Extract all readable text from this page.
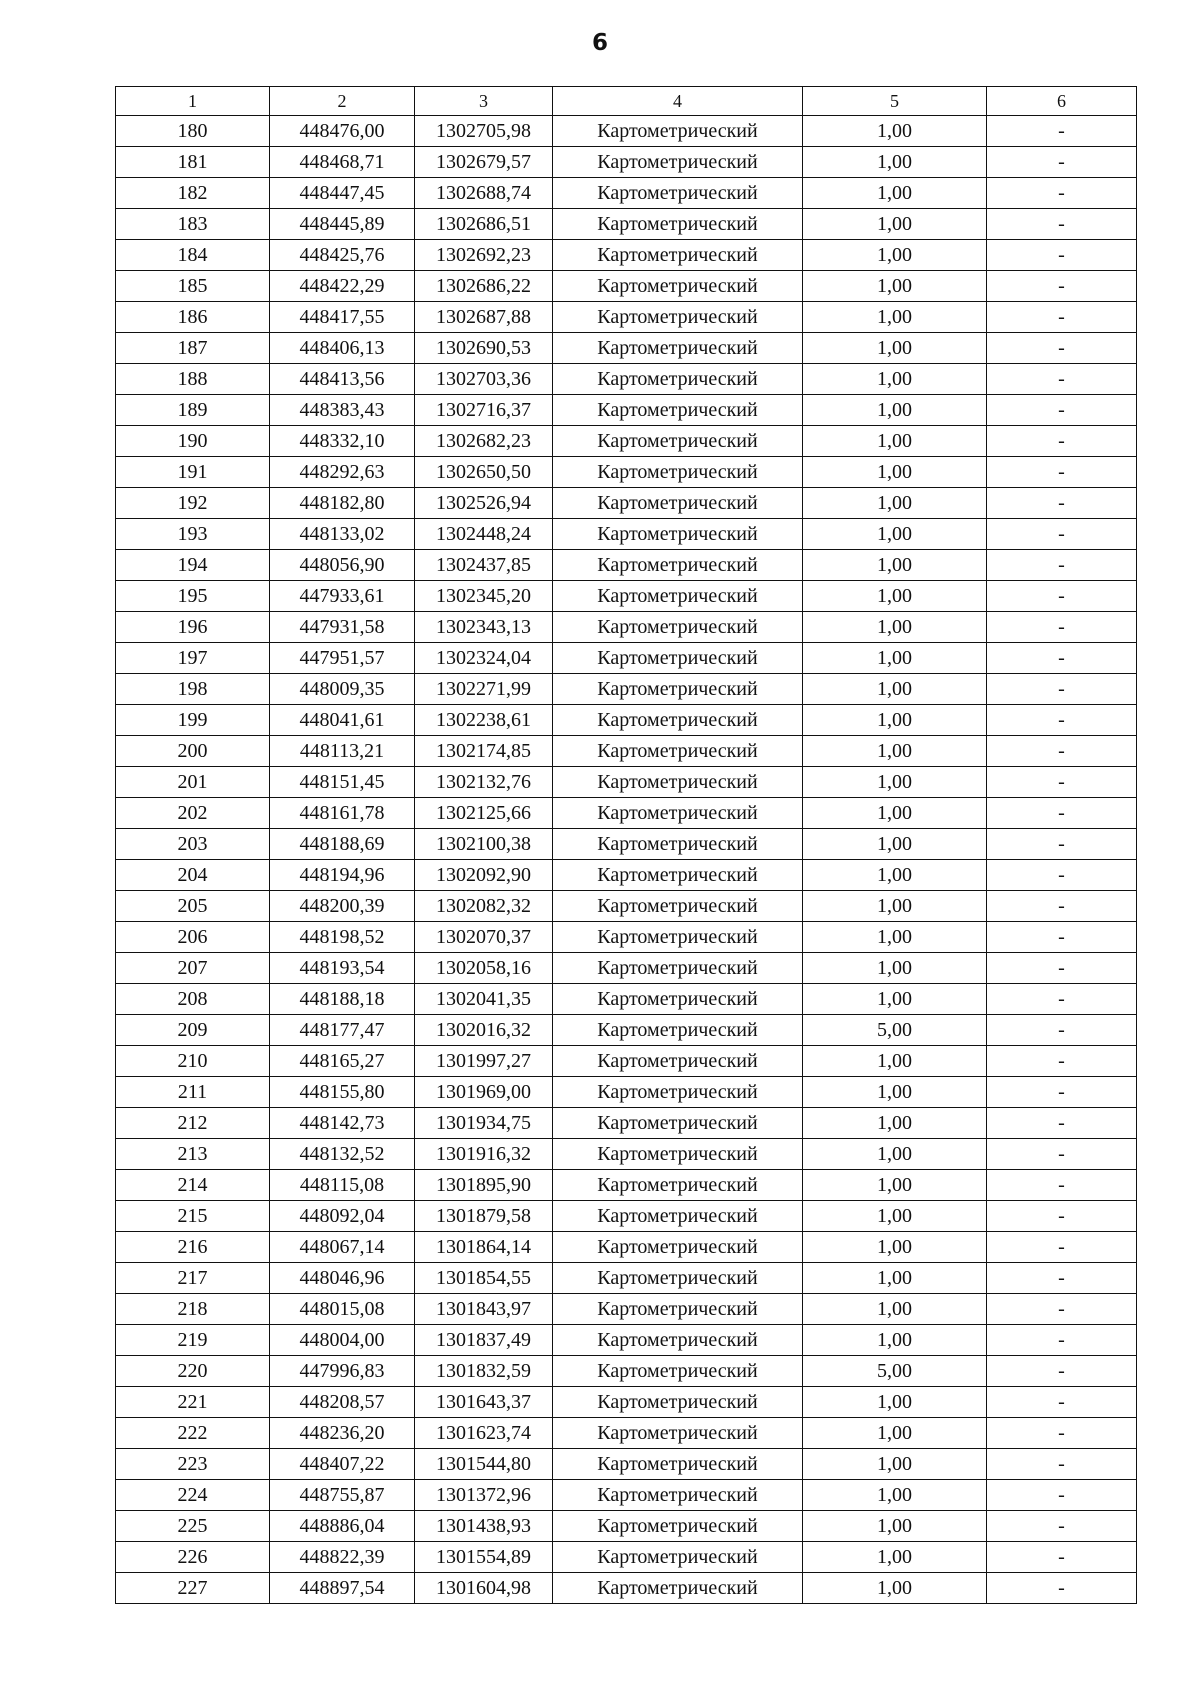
6
1	2	3	4	5	6
180	448476,00	1302705,98	Картометрический	1,00	-
181	448468,71	1302679,57	Картометрический	1,00	-
182	448447,45	1302688,74	Картометрический	1,00	-
183	448445,89	1302686,51	Картометрический	1,00	-
184	448425,76	1302692,23	Картометрический	1,00	-
185	448422,29	1302686,22	Картометрический	1,00	-
186	448417,55	1302687,88	Картометрический	1,00	-
187	448406,13	1302690,53	Картометрический	1,00	-
188	448413,56	1302703,36	Картометрический	1,00	-
189	448383,43	1302716,37	Картометрический	1,00	-
190	448332,10	1302682,23	Картометрический	1,00	-
191	448292,63	1302650,50	Картометрический	1,00	-
192	448182,80	1302526,94	Картометрический	1,00	-
193	448133,02	1302448,24	Картометрический	1,00	-
194	448056,90	1302437,85	Картометрический	1,00	-
195	447933,61	1302345,20	Картометрический	1,00	-
196	447931,58	1302343,13	Картометрический	1,00	-
197	447951,57	1302324,04	Картометрический	1,00	-
198	448009,35	1302271,99	Картометрический	1,00	-
199	448041,61	1302238,61	Картометрический	1,00	-
200	448113,21	1302174,85	Картометрический	1,00	-
201	448151,45	1302132,76	Картометрический	1,00	-
202	448161,78	1302125,66	Картометрический	1,00	-
203	448188,69	1302100,38	Картометрический	1,00	-
204	448194,96	1302092,90	Картометрический	1,00	-
205	448200,39	1302082,32	Картометрический	1,00	-
206	448198,52	1302070,37	Картометрический	1,00	-
207	448193,54	1302058,16	Картометрический	1,00	-
208	448188,18	1302041,35	Картометрический	1,00	-
209	448177,47	1302016,32	Картометрический	5,00	-
210	448165,27	1301997,27	Картометрический	1,00	-
211	448155,80	1301969,00	Картометрический	1,00	-
212	448142,73	1301934,75	Картометрический	1,00	-
213	448132,52	1301916,32	Картометрический	1,00	-
214	448115,08	1301895,90	Картометрический	1,00	-
215	448092,04	1301879,58	Картометрический	1,00	-
216	448067,14	1301864,14	Картометрический	1,00	-
217	448046,96	1301854,55	Картометрический	1,00	-
218	448015,08	1301843,97	Картометрический	1,00	-
219	448004,00	1301837,49	Картометрический	1,00	-
220	447996,83	1301832,59	Картометрический	5,00	-
221	448208,57	1301643,37	Картометрический	1,00	-
222	448236,20	1301623,74	Картометрический	1,00	-
223	448407,22	1301544,80	Картометрический	1,00	-
224	448755,87	1301372,96	Картометрический	1,00	-
225	448886,04	1301438,93	Картометрический	1,00	-
226	448822,39	1301554,89	Картометрический	1,00	-
227	448897,54	1301604,98	Картометрический	1,00	-
